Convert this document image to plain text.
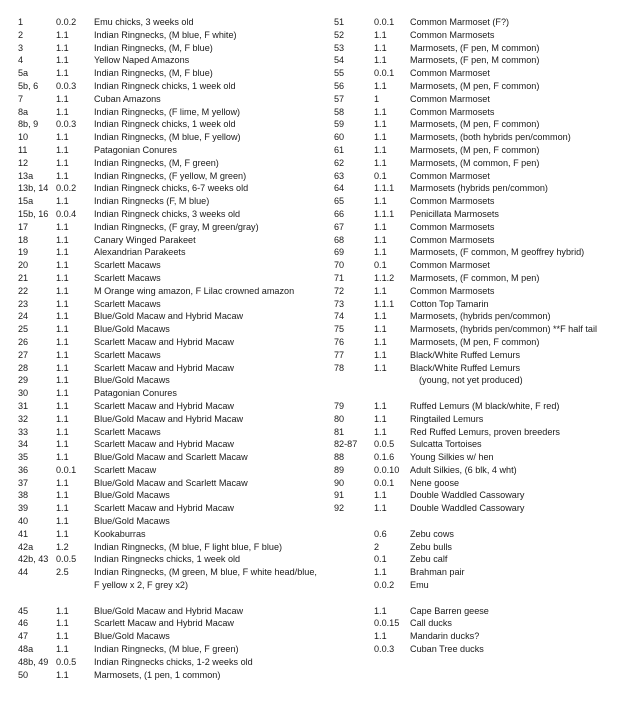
1	0.0.2	Emu chicks, 3 weeks old
2	1.1	Indian Ringnecks, (M blue, F white)
3	1.1	Indian Ringnecks, (M, F blue)
4	1.1	Yellow Naped Amazons
5a	1.1	Indian Ringnecks, (M, F blue)
5b, 6	0.0.3	Indian Ringneck chicks, 1 week old
7	1.1	Cuban Amazons
8a	1.1	Indian Ringnecks, (F lime, M yellow)
8b, 9	0.0.3	Indian Ringneck chicks, 1 week old
10	1.1	Indian Ringnecks, (M blue, F yellow)
11	1.1	Patagonian Conures
12	1.1	Indian Ringnecks, (M, F green)
13a	1.1	Indian Ringnecks, (F yellow, M green)
13b, 14 0.0.2	Indian Ringneck chicks, 6-7 weeks old
15a	1.1	Indian Ringnecks (F, M blue)
15b, 16 0.0.4	Indian Ringneck chicks, 3 weeks old
17	1.1	Indian Ringnecks, (F gray, M green/gray)
18	1.1	Canary Winged Parakeet
19	1.1	Alexandrian Parakeets
20	1.1	Scarlett Macaws
21	1.1	Scarlett Macaws
22	1.1	M Orange wing amazon, F Lilac crowned amazon
23	1.1	Scarlett Macaws
24	1.1	Blue/Gold Macaw and Hybrid Macaw
25	1.1	Blue/Gold Macaws
26	1.1	Scarlett Macaw and Hybrid Macaw
27	1.1	Scarlett Macaws
28	1.1	Scarlett Macaw and Hybrid Macaw
29	1.1	Blue/Gold Macaws
30	1.1	Patagonian Conures
31	1.1	Scarlett Macaw and Hybrid Macaw
32	1.1	Blue/Gold Macaw and Hybrid Macaw
33	1.1	Scarlett Macaws
34	1.1	Scarlett Macaw and Hybrid Macaw
35	1.1	Blue/Gold Macaw and Scarlett Macaw
36	0.0.1	Scarlett Macaw
37	1.1	Blue/Gold Macaw and Scarlett Macaw
38	1.1	Blue/Gold Macaws
39	1.1	Scarlett Macaw and Hybrid Macaw
40	1.1	Blue/Gold Macaws
41	1.1	Kookaburras
42a	1.2	Indian Ringnecks, (M blue, F light blue, F blue)
42b, 43 0.0.5	Indian Ringnecks chicks, 1 week old
44	2.5	Indian Ringnecks, (M green, M blue, F white head/blue,
F yellow x 2, F grey x2)
45	1.1	Blue/Gold Macaw and Hybrid Macaw
46	1.1	Scarlett Macaw and Hybrid Macaw
47	1.1	Blue/Gold Macaws
48a	1.1	Indian Ringnecks, (M blue, F green)
48b, 49 0.0.5	Indian Ringnecks chicks, 1-2 weeks old
50	1.1	Marmosets, (1 pen, 1 common)
51	0.0.1	Common Marmoset (F?)
52	1.1	Common Marmosets
53	1.1	Marmosets, (F pen, M common)
54	1.1	Marmosets, (F pen, M common)
55	0.0.1	Common Marmoset
56	1.1	Marmosets, (M pen, F common)
57	1	Common Marmoset
58	1.1	Common Marmosets
59	1.1	Marmosets, (M pen, F common)
60	1.1	Marmosets, (both hybrids pen/common)
61	1.1	Marmosets, (M pen, F common)
62	1.1	Marmosets, (M common, F pen)
63	0.1	Common Marmoset
64	1.1.1	Marmosets (hybrids pen/common)
65	1.1	Common Marmosets
66	1.1.1	Penicillata Marmosets
67	1.1	Common Marmosets
68	1.1	Common Marmosets
69	1.1	Marmosets, (F common, M geoffrey hybrid)
70	0.1	Common Marmoset
71	1.1.2	Marmosets, (F common, M pen)
72	1.1	Common Marmosets
73	1.1.1	Cotton Top Tamarin
74	1.1	Marmosets, (hybrids pen/common)
75	1.1	Marmosets, (hybrids pen/common) **F half tail
76	1.1	Marmosets, (M pen, F common)
77	1.1	Black/White Ruffed Lemurs
78	1.1	Black/White Ruffed Lemurs
(young, not yet produced)
79	1.1	Ruffed Lemurs (M black/white, F red)
80	1.1	Ringtailed Lemurs
81	1.1	Red Ruffed Lemurs, proven breeders
82-87	0.0.5	Sulcatta Tortoises
88	0.1.6	Young Silkies w/ hen
89	0.0.10	Adult Silkies, (6 blk, 4 wht)
90	0.0.1	Nene goose
91	1.1	Double Waddled Cassowary
92	1.1	Double Waddled Cassowary
0.6	Zebu cows
2	Zebu bulls
0.1	Zebu calf
1.1	Brahman pair
0.0.2	Emu
1.1	Cape Barren geese
0.0.15	Call ducks
1.1	Mandarin ducks?
0.0.3	Cuban Tree ducks
